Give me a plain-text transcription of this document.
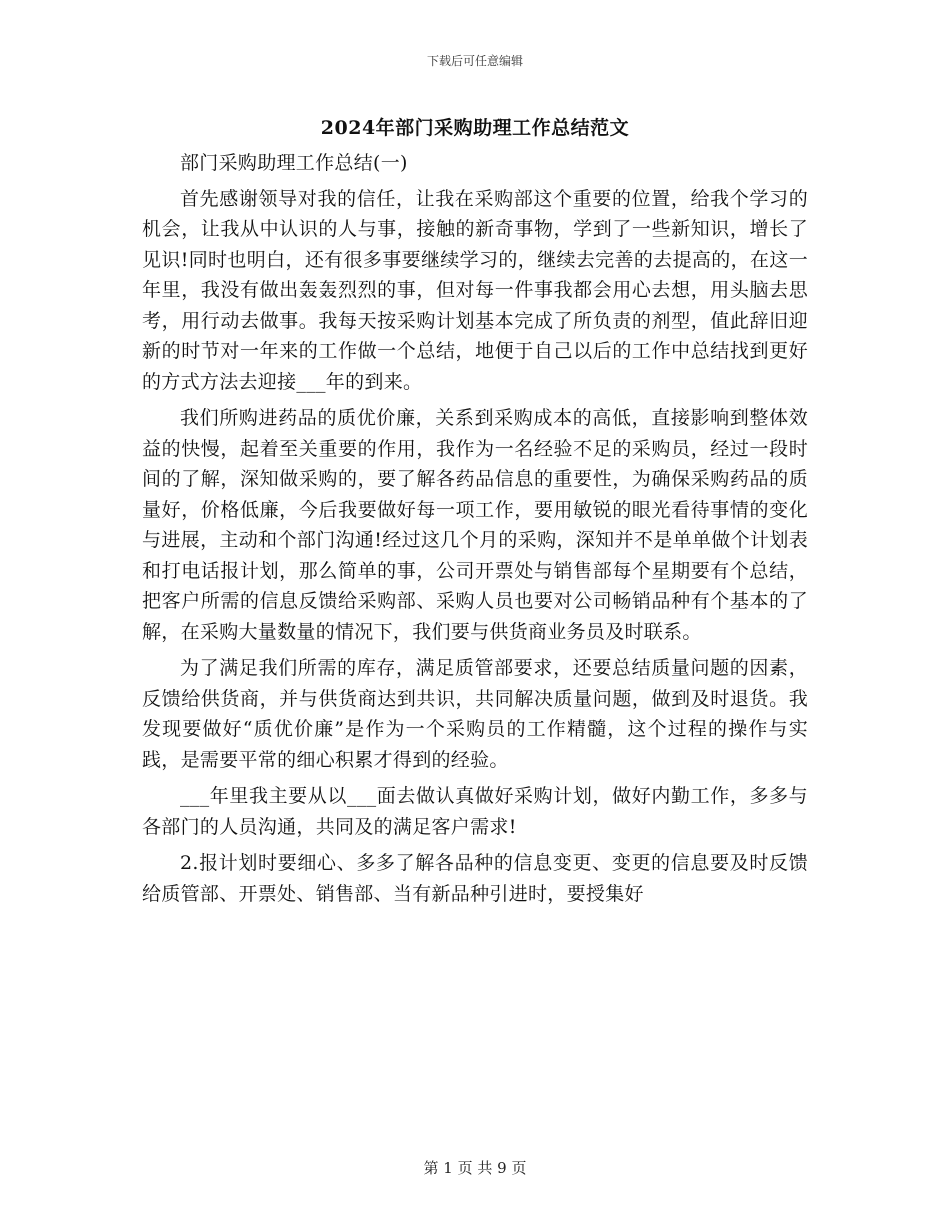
下载后可任意编辑
2024年部门采购助理工作总结范文

部门采购助理工作总结(一)

首先感谢领导对我的信任，让我在采购部这个重要的位置，给我个学习的机会，让我从中认识的人与事，接触的新奇事物，学到了一些新知识，增长了见识!同时也明白，还有很多事要继续学习的，继续去完善的去提高的，在这一年里，我没有做出轰轰烈烈的事，但对每一件事我都会用心去想，用头脑去思考，用行动去做事。我每天按采购计划基本完成了所负责的剂型，值此辞旧迎新的时节对一年来的工作做一个总结，地便于自己以后的工作中总结找到更好的方式方法去迎接___年的到来。

我们所购进药品的质优价廉，关系到采购成本的高低，直接影响到整体效益的快慢，起着至关重要的作用，我作为一名经验不足的采购员，经过一段时间的了解，深知做采购的，要了解各药品信息的重要性，为确保采购药品的质量好，价格低廉，今后我要做好每一项工作，要用敏锐的眼光看待事情的变化与进展，主动和个部门沟通!经过这几个月的采购，深知并不是单单做个计划表和打电话报计划，那么简单的事，公司开票处与销售部每个星期要有个总结，把客户所需的信息反馈给采购部、采购人员也要对公司畅销品种有个基本的了解，在采购大量数量的情况下，我们要与供货商业务员及时联系。

为了满足我们所需的库存，满足质管部要求，还要总结质量问题的因素，反馈给供货商，并与供货商达到共识，共同解决质量问题，做到及时退货。我发现要做好“质优价廉”是作为一个采购员的工作精髓，这个过程的操作与实践，是需要平常的细心积累才得到的经验。

___年里我主要从以___面去做认真做好采购计划，做好内勤工作，多多与各部门的人员沟通，共同及的满足客户需求!

2.报计划时要细心、多多了解各品种的信息变更、变更的信息要及时反馈给质管部、开票处、销售部、当有新品种引进时，要授集好

第 1 页 共 9 页
